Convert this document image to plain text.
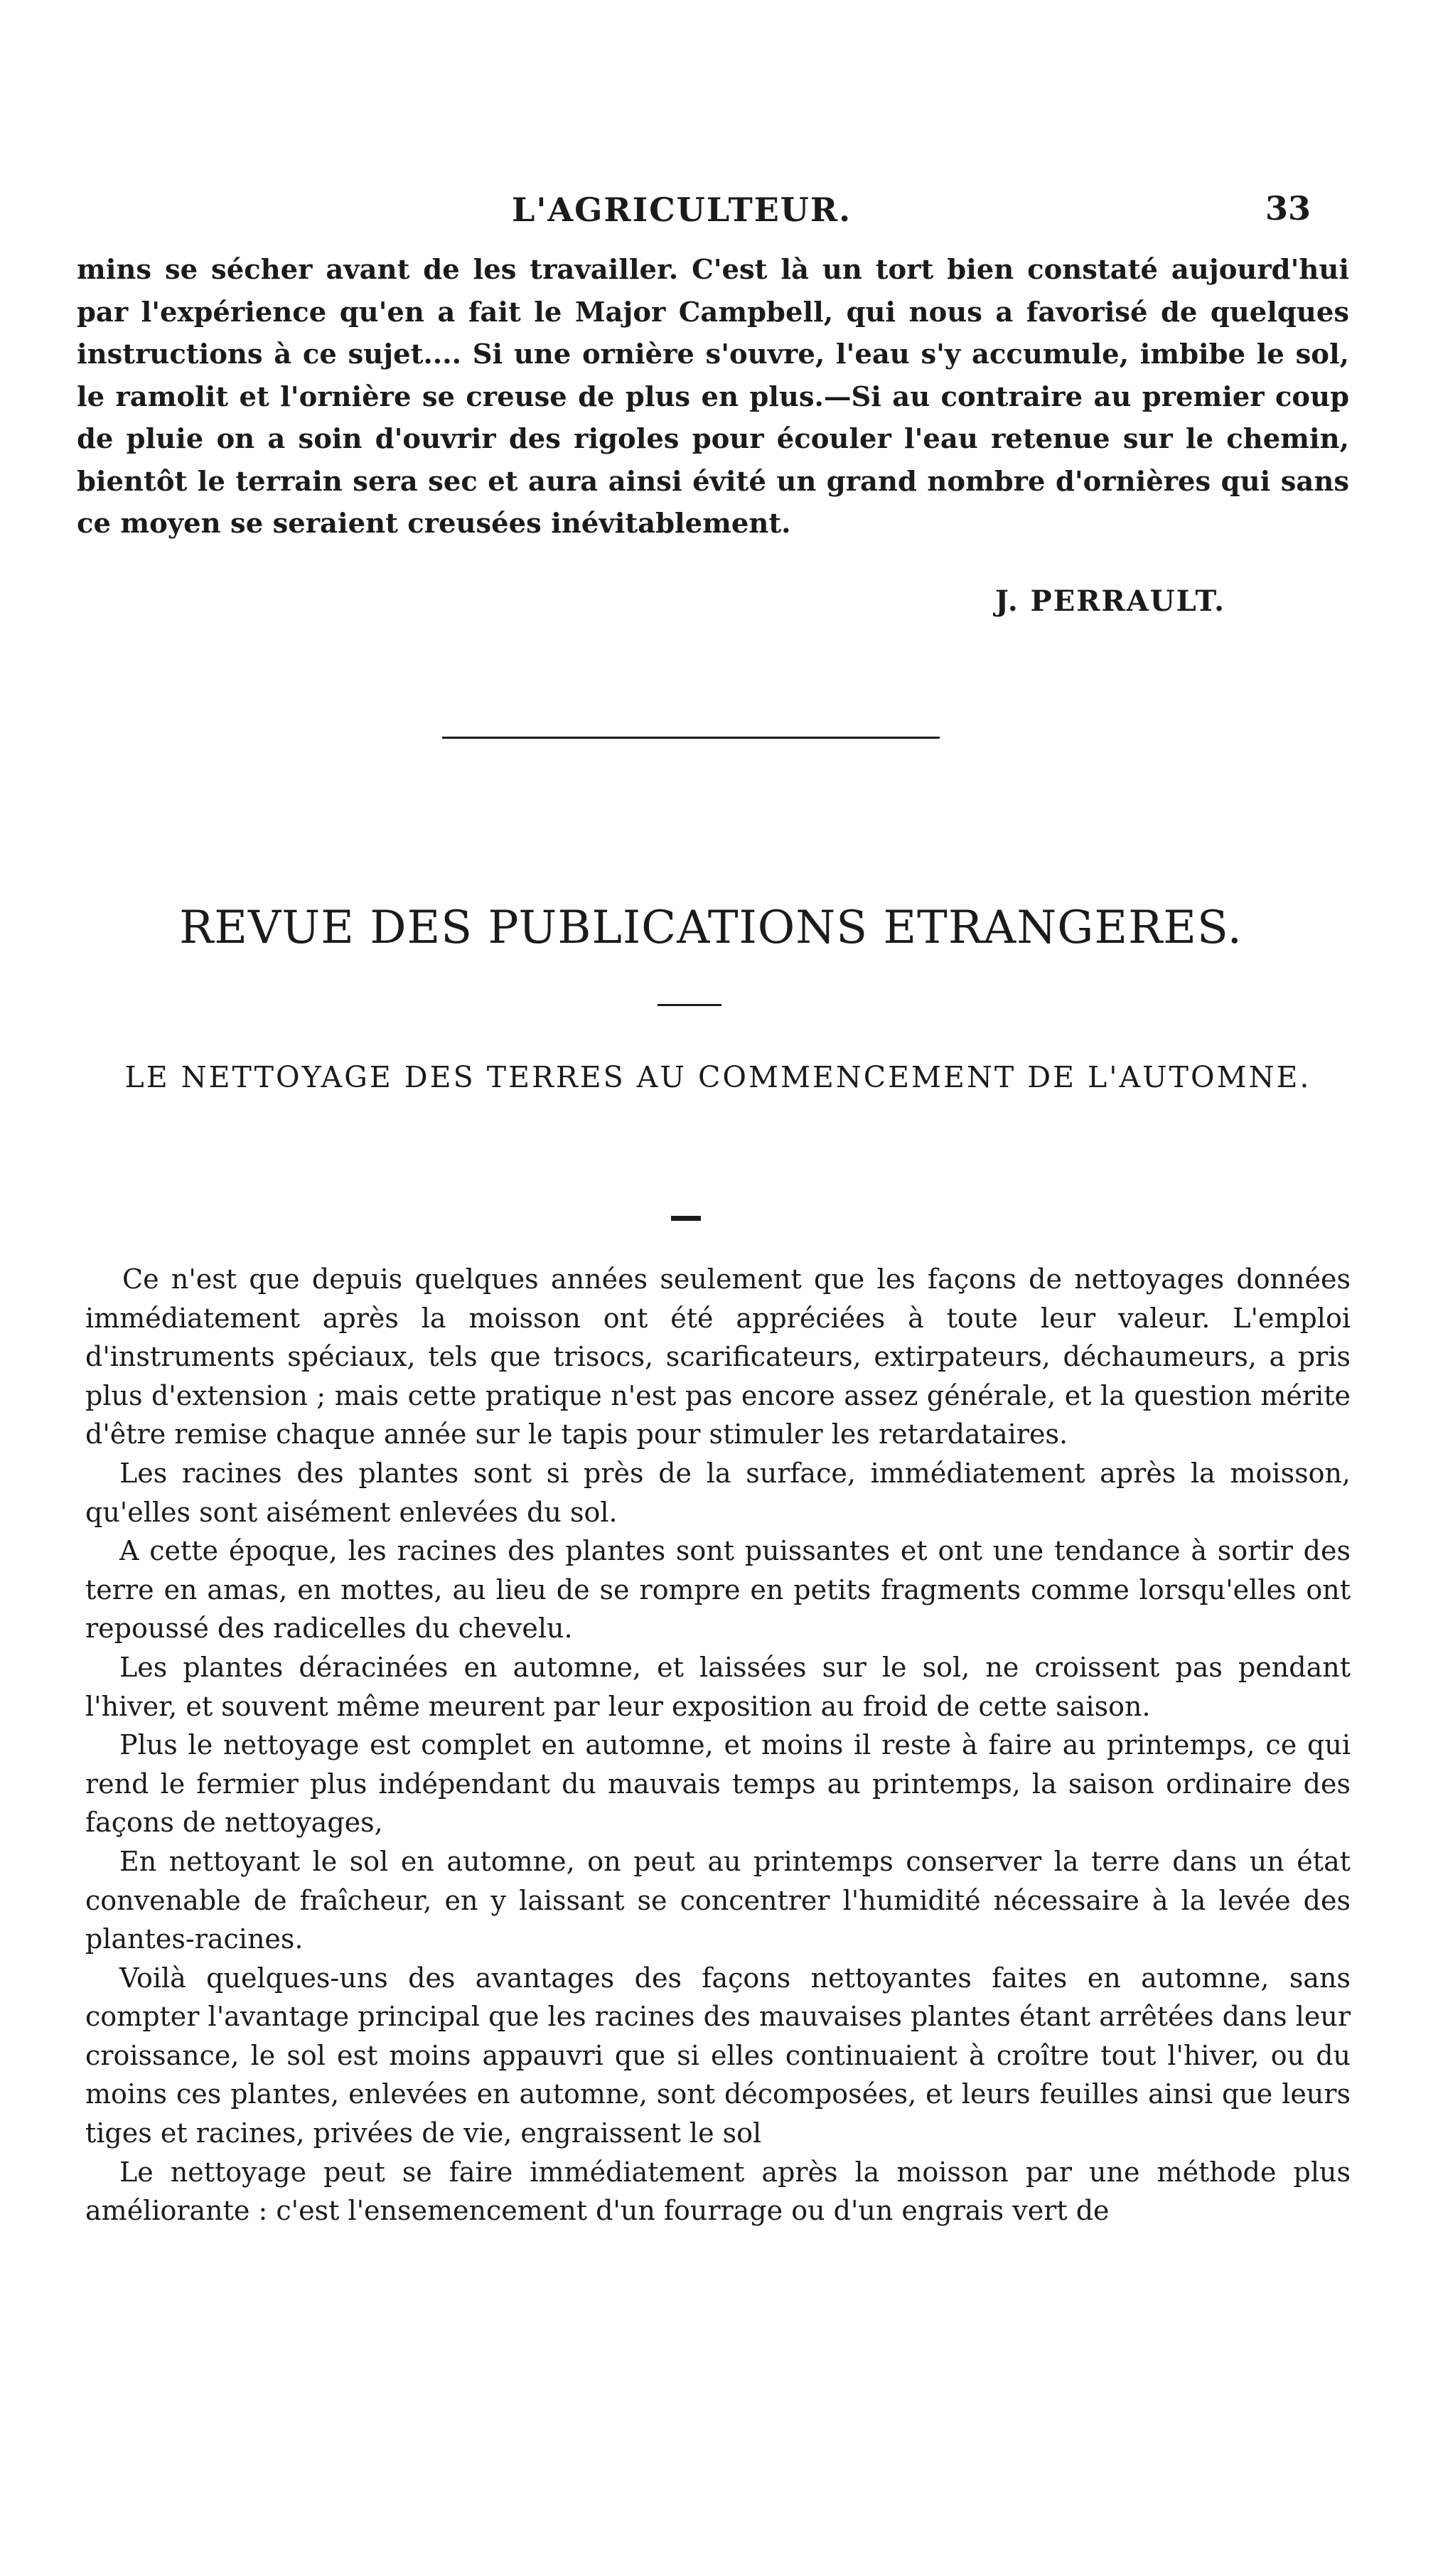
L'AGRICULTEUR.	33

mins se sécher avant de les travailler. C'est là un tort bien constaté aujourd'hui par l'expérience qu'en a fait le Major Campbell, qui nous a favorisé de quelques instructions à ce sujet.... Si une ornière s'ouvre, l'eau s'y accumule, imbibe le sol, le ramolit et l'ornière se creuse de plus en plus.—Si au contraire au premier coup de pluie on a soin d'ouvrir des rigoles pour écouler l'eau retenue sur le chemin, bientôt le terrain sera sec et aura ainsi évité un grand nombre d'ornières qui sans ce moyen se seraient creusées inévitablement.

J. PERRAULT.
REVUE DES PUBLICATIONS ETRANGERES.
LE NETTOYAGE DES TERRES AU COMMENCEMENT DE L'AUTOMNE.

Ce n'est que depuis quelques années seulement que les façons de nettoyages données immédiatement après la moisson ont été appréciées à toute leur valeur. L'emploi d'instruments spéciaux, tels que trisocs, scarificateurs, extirpateurs, déchaumeurs, a pris plus d'extension ; mais cette pratique n'est pas encore assez générale, et la question mérite d'être remise chaque année sur le tapis pour stimuler les retardataires.

Les racines des plantes sont si près de la surface, immédiatement après la moisson, qu'elles sont aisément enlevées du sol.

A cette époque, les racines des plantes sont puissantes et ont une tendance à sortir des terre en amas, en mottes, au lieu de se rompre en petits fragments comme lorsqu'elles ont repoussé des radicelles du chevelu.

Les plantes déracinées en automne, et laissées sur le sol, ne croissent pas pendant l'hiver, et souvent même meurent par leur exposition au froid de cette saison.

Plus le nettoyage est complet en automne, et moins il reste à faire au printemps, ce qui rend le fermier plus indépendant du mauvais temps au printemps, la saison ordinaire des façons de nettoyages,

En nettoyant le sol en automne, on peut au printemps conserver la terre dans un état convenable de fraîcheur, en y laissant se concentrer l'humidité nécessaire à la levée des plantes-racines.

Voilà quelques-uns des avantages des façons nettoyantes faites en automne, sans compter l'avantage principal que les racines des mauvaises plantes étant arrêtées dans leur croissance, le sol est moins appauvri que si elles continuaient à croître tout l'hiver, ou du moins ces plantes, enlevées en automne, sont décomposées, et leurs feuilles ainsi que leurs tiges et racines, privées de vie, engraissent le sol

Le nettoyage peut se faire immédiatement après la moisson par une méthode plus améliorante : c'est l'ensemencement d'un fourrage ou d'un engrais vert de
